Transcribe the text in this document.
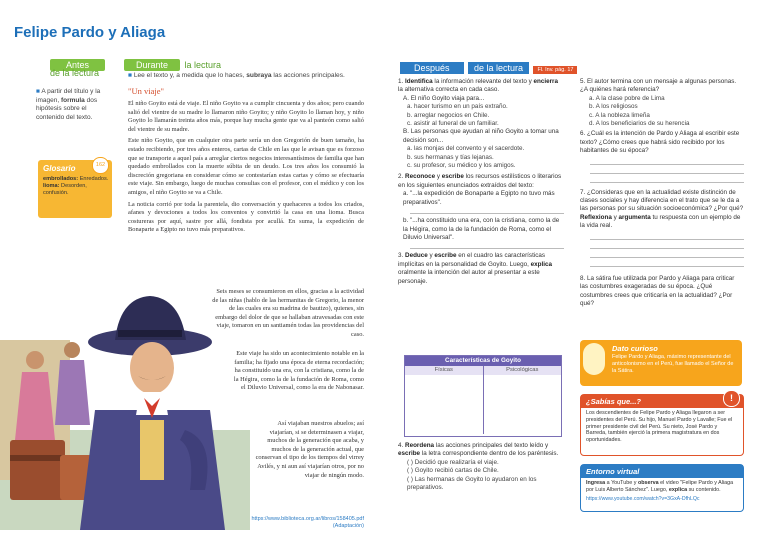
Felipe Pardo y Aliaga
Antes
de la lectura
■ A partir del título y la imagen, formula dos hipótesis sobre el contenido del texto.
Glosario	162
embrollados: Enredados.
lioma: Desorden, confusión.
Durante la lectura
■ Lee el texto y, a medida que lo haces, subraya las acciones principales.
"Un viaje"

El niño Goyito está de viaje. El niño Goyito va a cumplir cincuenta y dos años; pero cuando salió del vientre de su madre lo llamaron niño Goyito; y niño Goyito lo llaman hoy, y niño Goyito lo llamarán treinta años más, porque hay mucha gente que va al panteón como salió del vientre de su madre.

Este niño Goyito, que en cualquier otra parte sería un don Gregorión de buen tamaño, ha estado recibiendo, por tres años enteros, cartas de Chile en las que le avisan que es forzoso que se transporte a aquel país a arreglar ciertos negocios interesantísimos de familia que han quedado embrollados con la muerte súbita de un deudo. Los tres años los consumió la discreción gregoriana en considerar cómo se contestarían estas cartas y cómo se efectuaría este viaje. Sin embargo, luego de muchas consultas con el profesor, con el médico y con los amigos, el niño Goyito se va a Chile.

La noticia corrió por toda la parentela, dio conversación y quehaceres a todos los criados, afanes y devociones a todos los conventos y convirtió la casa en una lioma. Busca costureras por aquí, sastre por allá, fondista por acullá. En suma, la expedición de Bonaparte a Egipto no tuvo más preparativos.

Seis meses se consumieron en ellos, gracias a la actividad de las niñas (hablo de las hermanitas de Gregorio, la menor de las cuales era su madrina de bautizo), quienes, sin embargo del dolor de que se hallaban atravesadas con este viaje, tomaron en un santiamén todas las providencias del caso.

Este viaje ha sido un acontecimiento notable en la familia; ha fijado una época de eterna recordación; ha constituido una era, con la cristiana, como la de la Hégira, como la de la fundación de Roma, como el Diluvio Universal, como la era de Nabonasar.

Así viajaban nuestros abuelos; así viajarían, si se determinasen a viajar, muchos de la generación que acaba, y muchos de la generación actual, que conservan el tipo de los tiempos del virrey Avilés, y ni aun así viajarían otros, por no viajar de ningún modo.

https://www.biblioteca.org.ar/libros/158405.pdf (Adaptación)
Después	de la lectura	Fl. Inv. pág. 17
1. Identifica la información relevante del texto y encierra la alternativa correcta en cada caso.
A. El niño Goyito viaja para...
a. hacer turismo en un país extraño.
b. arreglar negocios en Chile.
c. asistir al funeral de un familiar.
B. Las personas que ayudan al niño Goyito a tomar una decisión son...
a. las monjas del convento y el sacerdote.
b. sus hermanas y tías lejanas.
c. su profesor, su médico y los amigos.
2. Reconoce y escribe los recursos estilísticos o literarios en los siguientes enunciados extraídos del texto:
a. "...la expedición de Bonaparte a Egipto no tuvo más preparativos".
b. "...ha constituido una era, con la cristiana, como la de la Hégira, como la de la fundación de Roma, como el Diluvio Universal".
3. Deduce y escribe en el cuadro las características implícitas en la personalidad de Goyito. Luego, explica oralmente la intención del autor al presentar a este personaje.
Características de Goyito
Físicas	Psicológicas
4. Reordena las acciones principales del texto leído y escribe la letra correspondiente dentro de los paréntesis.
( ) Decidió que realizaría el viaje.
( ) Goyito recibió cartas de Chile.
( ) Las hermanas de Goyito lo ayudaron en los preparativos.
5. El autor termina con un mensaje a algunas personas. ¿A quiénes hará referencia?
a. A la clase pobre de Lima
b. A los religiosos
c. A la nobleza limeña
d. A los beneficiarios de su herencia
6. ¿Cuál es la intención de Pardo y Aliaga al escribir este texto? ¿Cómo crees que habrá sido recibido por los habitantes de su época?
7. ¿Consideras que en la actualidad existe distinción de clases sociales y hay diferencia en el trato que se le da a las personas por su situación socioeconómica? ¿Por qué? Reflexiona y argumenta tu respuesta con un ejemplo de la vida real.
8. La sátira fue utilizada por Pardo y Aliaga para criticar las costumbres exageradas de su época. ¿Qué costumbres crees que criticaría en la actualidad? ¿Por qué?
Dato curioso
Felipe Pardo y Aliaga, máximo representante del anticolonismo en el Perú, fue llamado el Señor de la Sátira.
¿Sabías que...?	!
Los descendientes de Felipe Pardo y Aliaga llegaron a ser presidentes del Perú. Su hijo, Manuel Pardo y Lavalle; Fue el primer presidente civil del Perú. Su nieto, José Pardo y Barreda, también ejerció la primera magistratura en dos oportunidades.
Entorno virtual
Ingresa a YouTube y observa el video "Felipe Pardo y Aliaga por Luis Alberto Sánchez". Luego, explica su contenido.
https://www.youtube.com/watch?v=3GxA-DfhLQc
